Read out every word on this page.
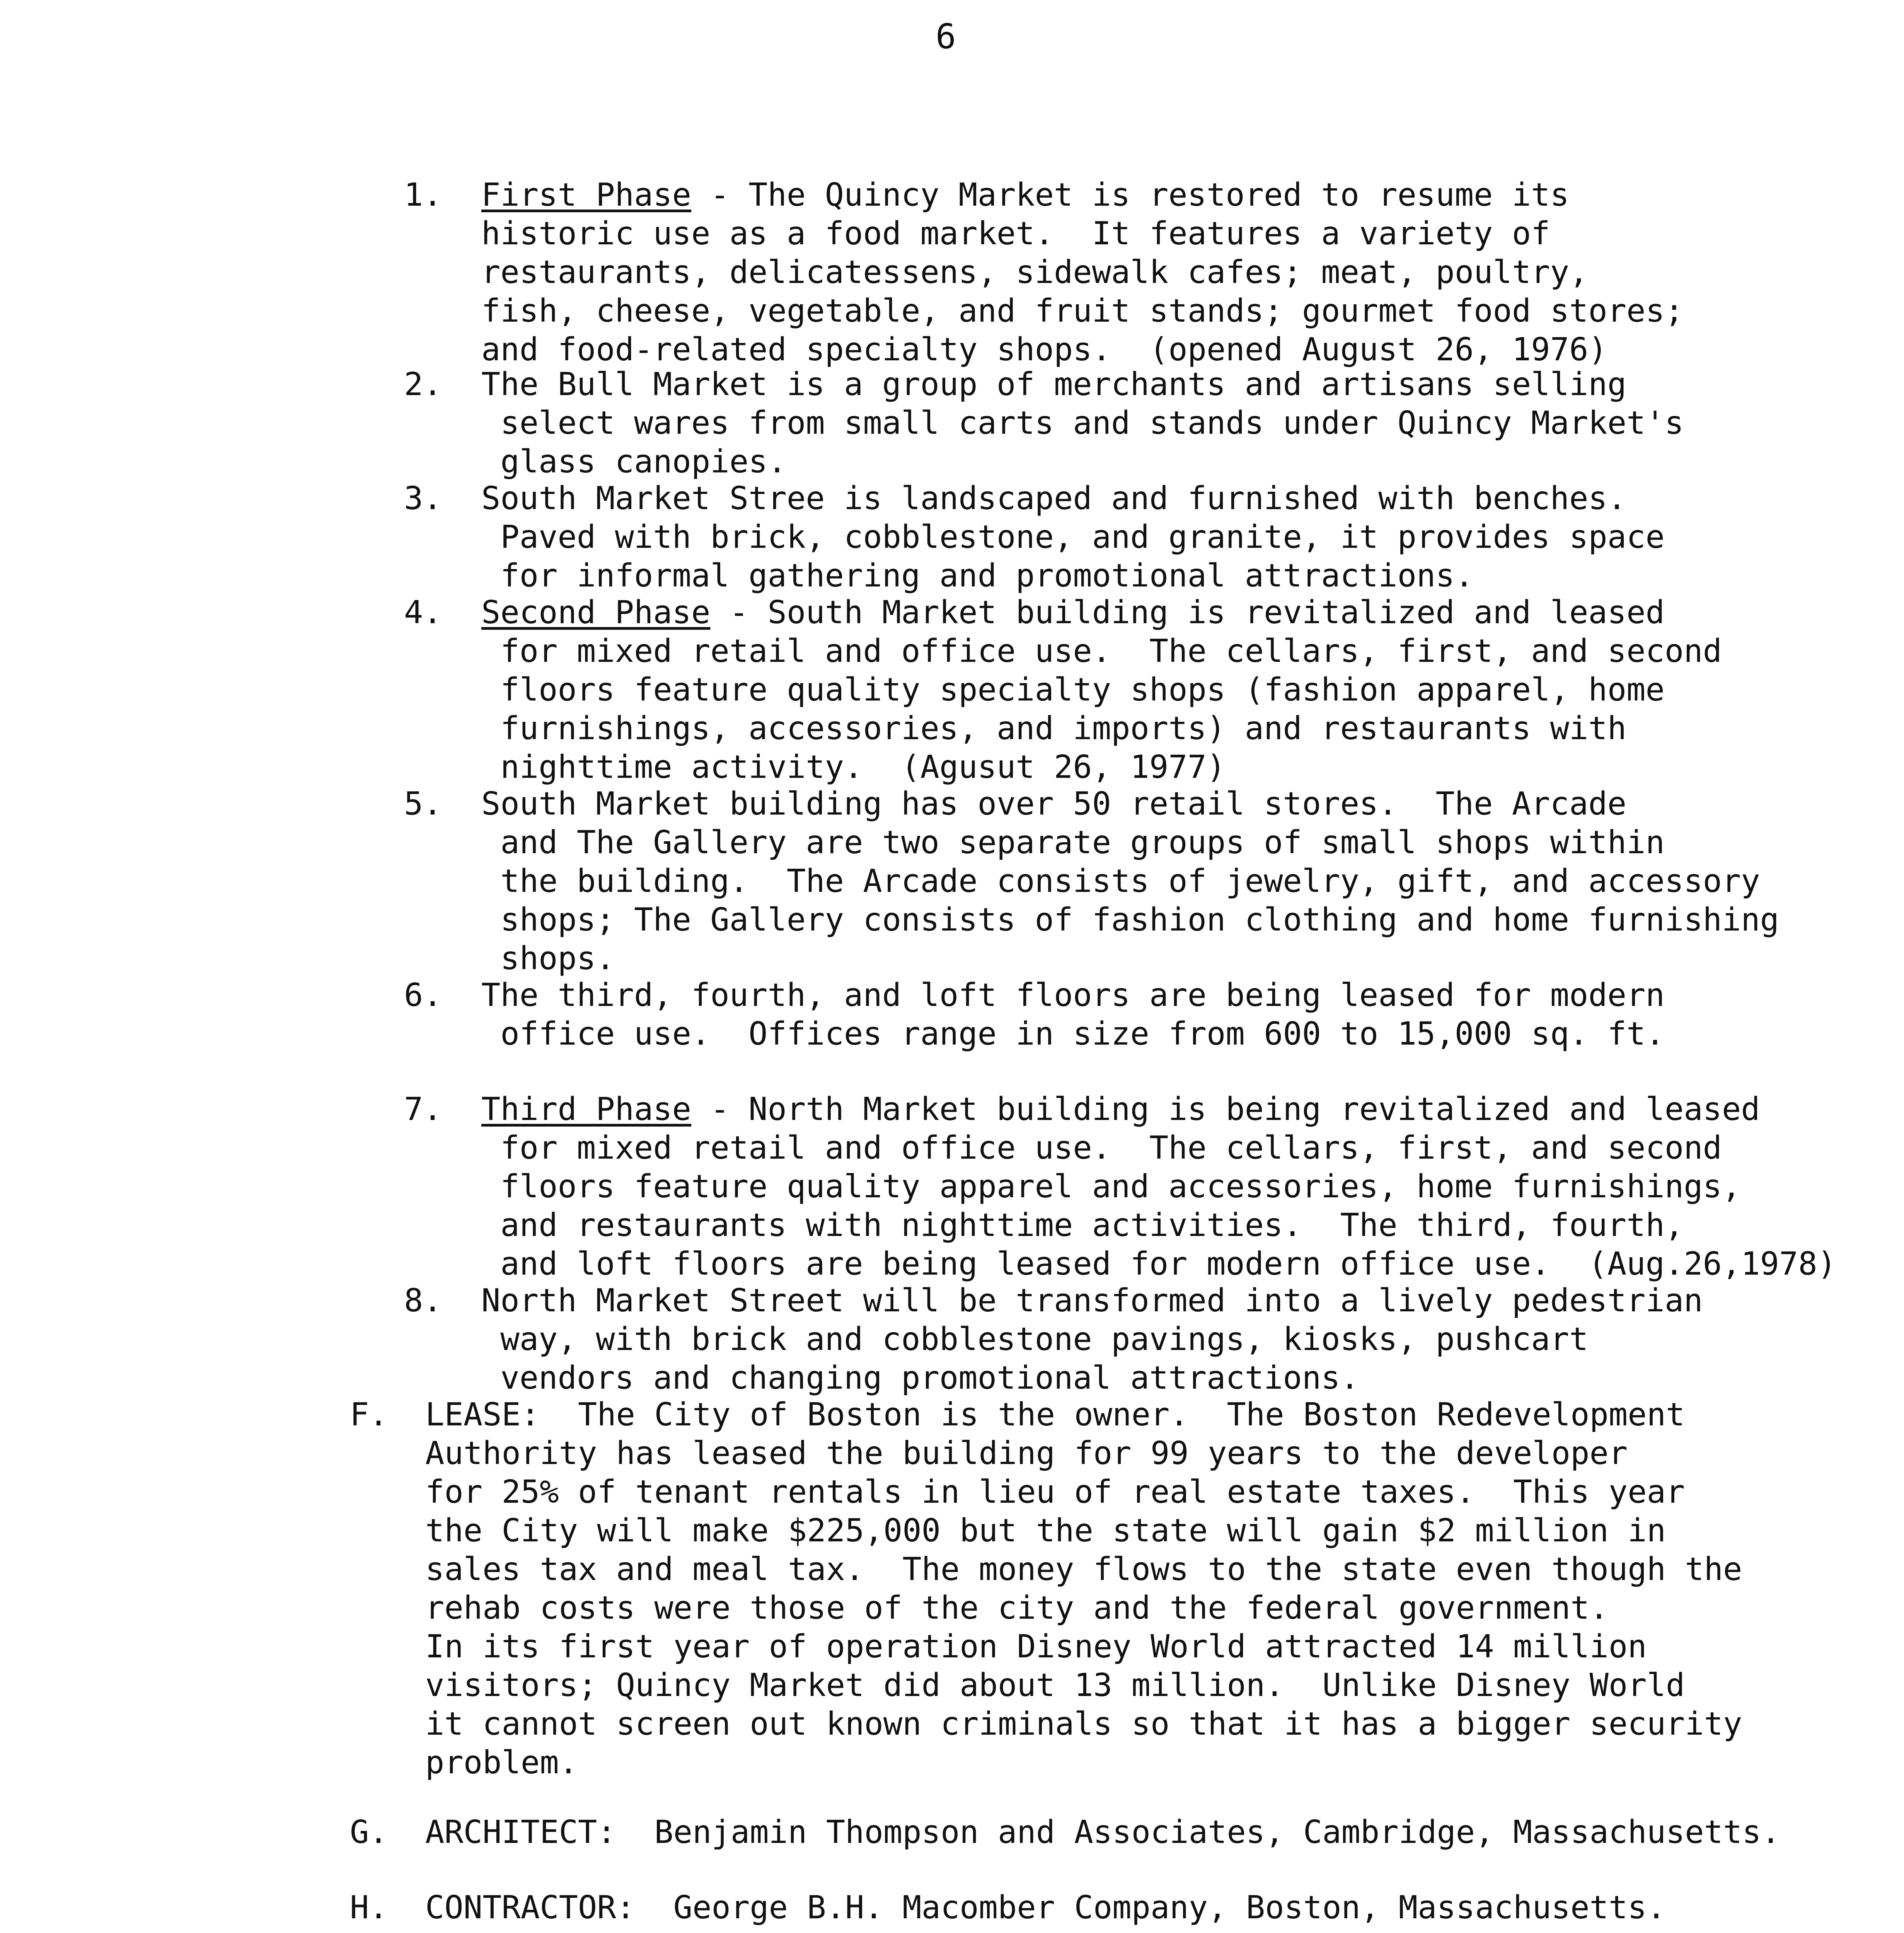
6
1. First Phase - The Quincy Market is restored to resume its
historic use as a food market.  It features a variety of
restaurants, delicatessens, sidewalk cafes; meat, poultry,
fish, cheese, vegetable, and fruit stands; gourmet food stores;
and food-related specialty shops.  (opened August 26, 1976)
2. The Bull Market is a group of merchants and artisans selling
select wares from small carts and stands under Quincy Market's
glass canopies.
3. South Market Stree is landscaped and furnished with benches.
Paved with brick, cobblestone, and granite, it provides space
for informal gathering and promotional attractions.
4. Second Phase - South Market building is revitalized and leased
for mixed retail and office use.  The cellars, first, and second
floors feature quality specialty shops (fashion apparel, home
furnishings, accessories, and imports) and restaurants with
nighttime activity.  (Agusut 26, 1977)
5. South Market building has over 50 retail stores.  The Arcade
and The Gallery are two separate groups of small shops within
the building.  The Arcade consists of jewelry, gift, and accessory
shops; The Gallery consists of fashion clothing and home furnishing
shops.
6. The third, fourth, and loft floors are being leased for modern
office use.  Offices range in size from 600 to 15,000 sq. ft.
7. Third Phase - North Market building is being revitalized and leased
for mixed retail and office use.  The cellars, first, and second
floors feature quality apparel and accessories, home furnishings,
and restaurants with nighttime activities.  The third, fourth,
and loft floors are being leased for modern office use.  (Aug.26,1978)
8. North Market Street will be transformed into a lively pedestrian
way, with brick and cobblestone pavings, kiosks, pushcart
vendors and changing promotional attractions.
F. LEASE:  The City of Boston is the owner.  The Boston Redevelopment
Authority has leased the building for 99 years to the developer
for 25% of tenant rentals in lieu of real estate taxes.  This year
the City will make $225,000 but the state will gain $2 million in
sales tax and meal tax.  The money flows to the state even though the
rehab costs were those of the city and the federal government.
In its first year of operation Disney World attracted 14 million
visitors; Quincy Market did about 13 million.  Unlike Disney World
it cannot screen out known criminals so that it has a bigger security
problem.
G. ARCHITECT:  Benjamin Thompson and Associates, Cambridge, Massachusetts.
H. CONTRACTOR:  George B.H. Macomber Company, Boston, Massachusetts.
